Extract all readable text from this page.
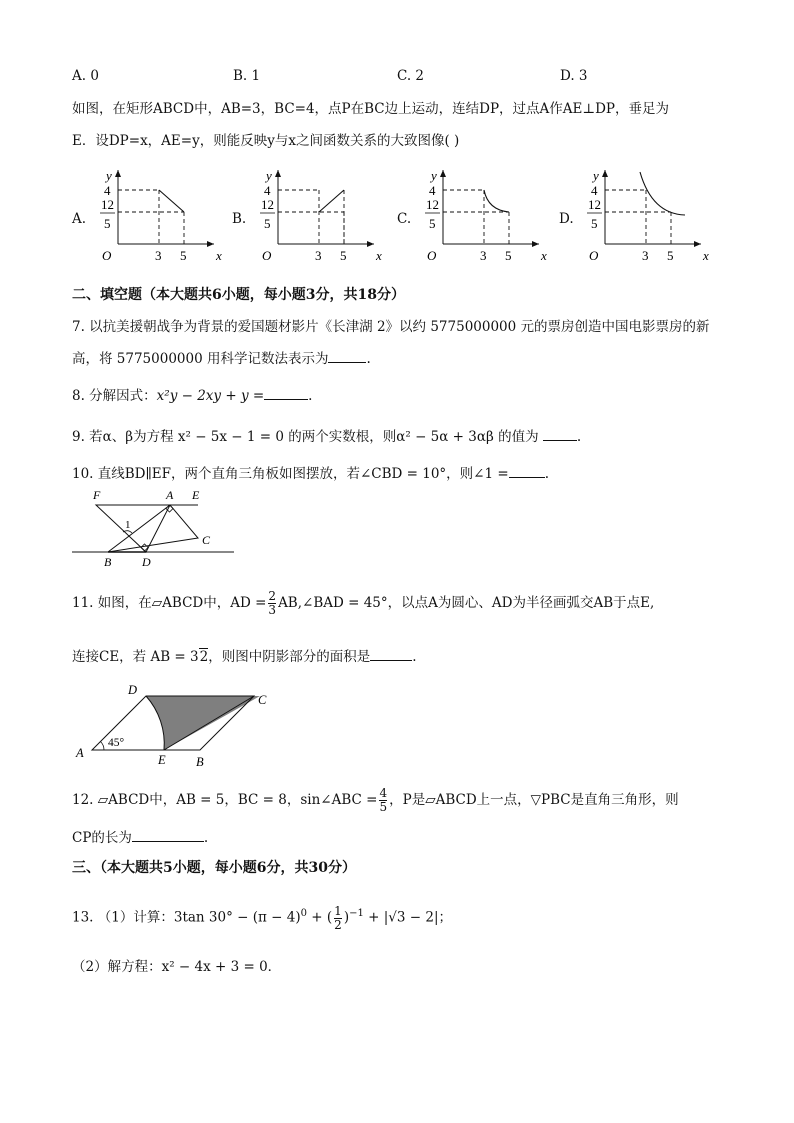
A. 0	B. 1	C. 2	D. 3
如图，在矩形ABCD中，AB=3，BC=4，点P在BC边上运动，连结DP，过点A作AE⊥DP，垂足为
E．设DP=x，AE=y，则能反映y与x之间函数关系的大致图像( )
A.	B.	C.	D.
y
x
O
4
12
5
3 5
y
x
O
4
12
5
3 5
y
x
O
4
12
5
3 5
y
x
O
4
12
5
3 5
二、填空题（本大题共6小题，每小题3分，共18分）
7. 以抗美援朝战争为背景的爱国题材影片《长津湖 2》以约 5775000000 元的票房创造中国电影票房的新
高，将 5775000000 用科学记数法表示为	.
8. 分解因式：x²y − 2xy + y =	.
9. 若α、β为方程 x² − 5x − 1 = 0 的两个实数根，则α² − 5α + 3αβ 的值为	.
10. 直线BD∥EF，两个直角三角板如图摆放，若∠CBD = 10°，则∠1 =	.
F	A E
1
C
B	D
11. 如图，在▱ABCD中，AD = $\frac{2}{3}$ AB,∠BAD = 45°，以点A为圆心、AD为半径画弧交AB于点E,
连接CE，若 AB = 32，则图中阴影部分的面积是	.
D
C
A
45°
E B
12. ▱ABCD中，AB = 5，BC = 8，sin∠ABC = $\frac{4}{5}$ ，P是▱ABCD上一点，▽PBC是直角三角形，则
CP的长为	.
三、（本大题共5小题，每小题6分，共30分）
13. （1）计算：3tan $30^\circ - (\pi - 4)^0$ + ( $\frac{1}{2} )^{-1} + |√3 - 2|$；
（2）解方程：x² − 4x + 3 = 0．
